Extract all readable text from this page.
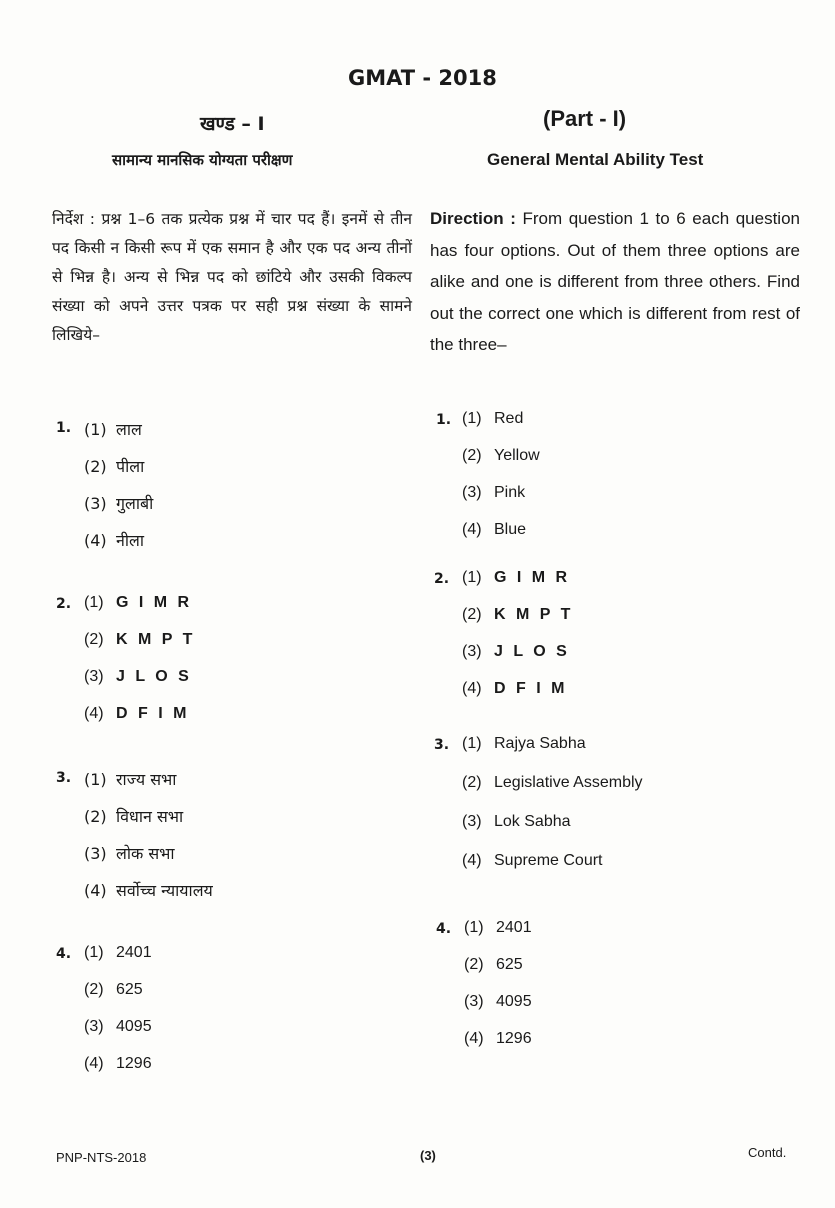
GMAT - 2018
खण्ड – I	(Part - I)
सामान्य मानसिक योग्यता परीक्षण	General Mental Ability Test
निर्देश : प्रश्न 1–6 तक प्रत्येक प्रश्न में चार पद हैं। इनमें से तीन पद किसी न किसी रूप में एक समान है और एक पद अन्य तीनों से भिन्न है। अन्य से भिन्न पद को छांटिये और उसकी विकल्प संख्या को अपने उत्तर पत्रक पर सही प्रश्न संख्या के सामने लिखिये–
Direction : From question 1 to 6 each question has four options. Out of them three options are alike and one is different from three others. Find out the correct one which is different from rest of the three–
1. (1) लाल
(2) पीला
(3) गुलाबी
(4) नीला
2. (1) G I M R
(2) K M P T
(3) J L O S
(4) D F I M
3. (1) राज्य सभा
(2) विधान सभा
(3) लोक सभा
(4) सर्वोच्च न्यायालय
4. (1) 2401
(2) 625
(3) 4095
(4) 1296
1. (1) Red
(2) Yellow
(3) Pink
(4) Blue
2. (1) G I M R
(2) K M P T
(3) J L O S
(4) D F I M
3. (1) Rajya Sabha
(2) Legislative Assembly
(3) Lok Sabha
(4) Supreme Court
4. (1) 2401
(2) 625
(3) 4095
(4) 1296
PNP-NTS-2018	(3)	Contd.
